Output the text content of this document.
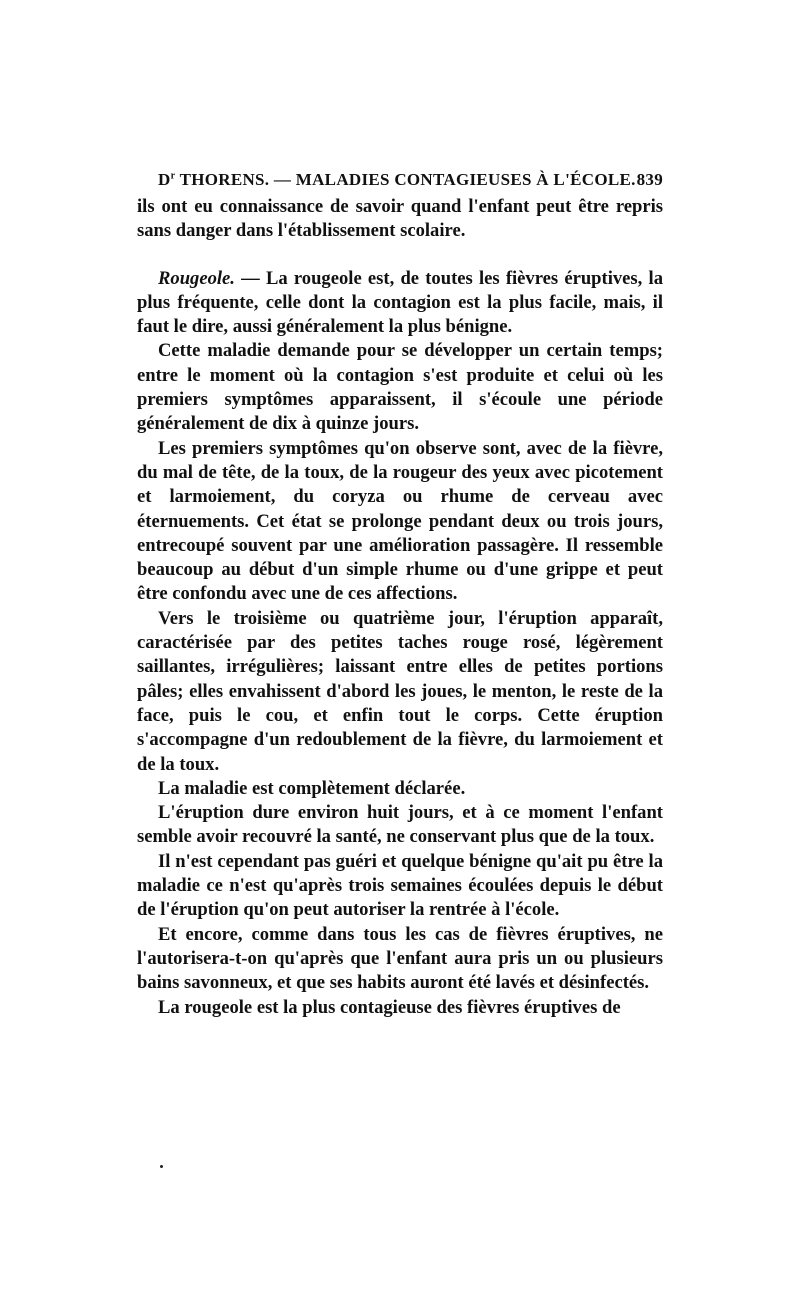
$D^r$ THORENS. — MALADIES CONTAGIEUSES À L'ÉCOLE. 839

ils ont eu connaissance de savoir quand l'enfant peut être repris sans danger dans l'établissement scolaire.

Rougeole. — La rougeole est, de toutes les fièvres éruptives, la plus fréquente, celle dont la contagion est la plus facile, mais, il faut le dire, aussi généralement la plus bénigne.

Cette maladie demande pour se développer un certain temps; entre le moment où la contagion s'est produite et celui où les premiers symptômes apparaissent, il s'écoule une période généralement de dix à quinze jours.

Les premiers symptômes qu'on observe sont, avec de la fièvre, du mal de tête, de la toux, de la rougeur des yeux avec picotement et larmoiement, du coryza ou rhume de cerveau avec éternuements. Cet état se prolonge pendant deux ou trois jours, entrecoupé souvent par une amélioration passagère. Il ressemble beaucoup au début d'un simple rhume ou d'une grippe et peut être confondu avec une de ces affections.

Vers le troisième ou quatrième jour, l'éruption apparaît, caractérisée par des petites taches rouge rosé, légèrement saillantes, irrégulières; laissant entre elles de petites portions pâles; elles envahissent d'abord les joues, le menton, le reste de la face, puis le cou, et enfin tout le corps. Cette éruption s'accompagne d'un redoublement de la fièvre, du larmoiement et de la toux.

La maladie est complètement déclarée.

L'éruption dure environ huit jours, et à ce moment l'enfant semble avoir recouvré la santé, ne conservant plus que de la toux.

Il n'est cependant pas guéri et quelque bénigne qu'ait pu être la maladie ce n'est qu'après trois semaines écoulées depuis le début de l'éruption qu'on peut autoriser la rentrée à l'école.

Et encore, comme dans tous les cas de fièvres éruptives, ne l'autorisera-t-on qu'après que l'enfant aura pris un ou plusieurs bains savonneux, et que ses habits auront été lavés et désinfectés.

La rougeole est la plus contagieuse des fièvres éruptives de
